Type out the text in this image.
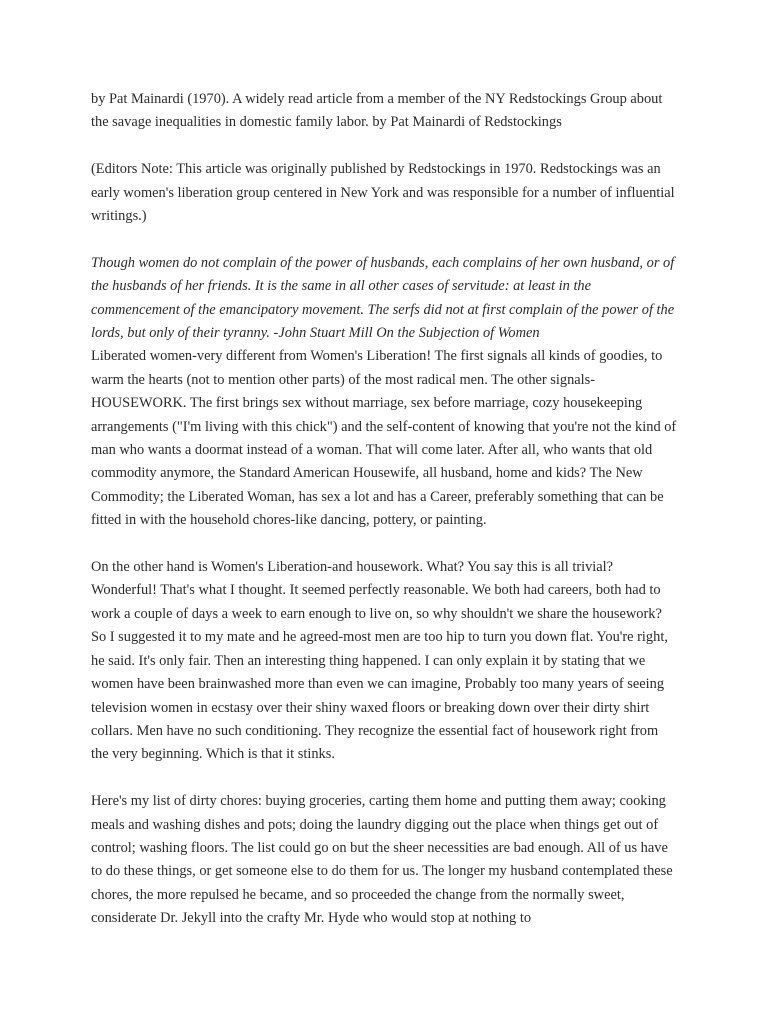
by Pat Mainardi (1970). A widely read article from a member of the NY Redstockings Group about the savage inequalities in domestic family labor. by Pat Mainardi of Redstockings

(Editors Note: This article was originally published by Redstockings in 1970. Redstockings was an early women's liberation group centered in New York and was responsible for a number of influential writings.)

Though women do not complain of the power of husbands, each complains of her own husband, or of the husbands of her friends. It is the same in all other cases of servitude: at least in the commencement of the emancipatory movement. The serfs did not at first complain of the power of the lords, but only of their tyranny. -John Stuart Mill On the Subjection of Women

Liberated women-very different from Women's Liberation! The first signals all kinds of goodies, to warm the hearts (not to mention other parts) of the most radical men. The other signals- HOUSEWORK. The first brings sex without marriage, sex before marriage, cozy housekeeping arrangements ("I'm living with this chick") and the self-content of knowing that you're not the kind of man who wants a doormat instead of a woman. That will come later. After all, who wants that old commodity anymore, the Standard American Housewife, all husband, home and kids? The New Commodity; the Liberated Woman, has sex a lot and has a Career, preferably something that can be fitted in with the household chores-like dancing, pottery, or painting.

On the other hand is Women's Liberation-and housework. What? You say this is all trivial? Wonderful! That's what I thought. It seemed perfectly reasonable. We both had careers, both had to work a couple of days a week to earn enough to live on, so why shouldn't we share the housework? So I suggested it to my mate and he agreed-most men are too hip to turn you down flat. You're right, he said. It's only fair. Then an interesting thing happened. I can only explain it by stating that we women have been brainwashed more than even we can imagine, Probably too many years of seeing television women in ecstasy over their shiny waxed floors or breaking down over their dirty shirt collars. Men have no such conditioning. They recognize the essential fact of housework right from the very beginning. Which is that it stinks.

Here's my list of dirty chores: buying groceries, carting them home and putting them away; cooking meals and washing dishes and pots; doing the laundry digging out the place when things get out of control; washing floors. The list could go on but the sheer necessities are bad enough. All of us have to do these things, or get someone else to do them for us. The longer my husband contemplated these chores, the more repulsed he became, and so proceeded the change from the normally sweet, considerate Dr. Jekyll into the crafty Mr. Hyde who would stop at nothing to
